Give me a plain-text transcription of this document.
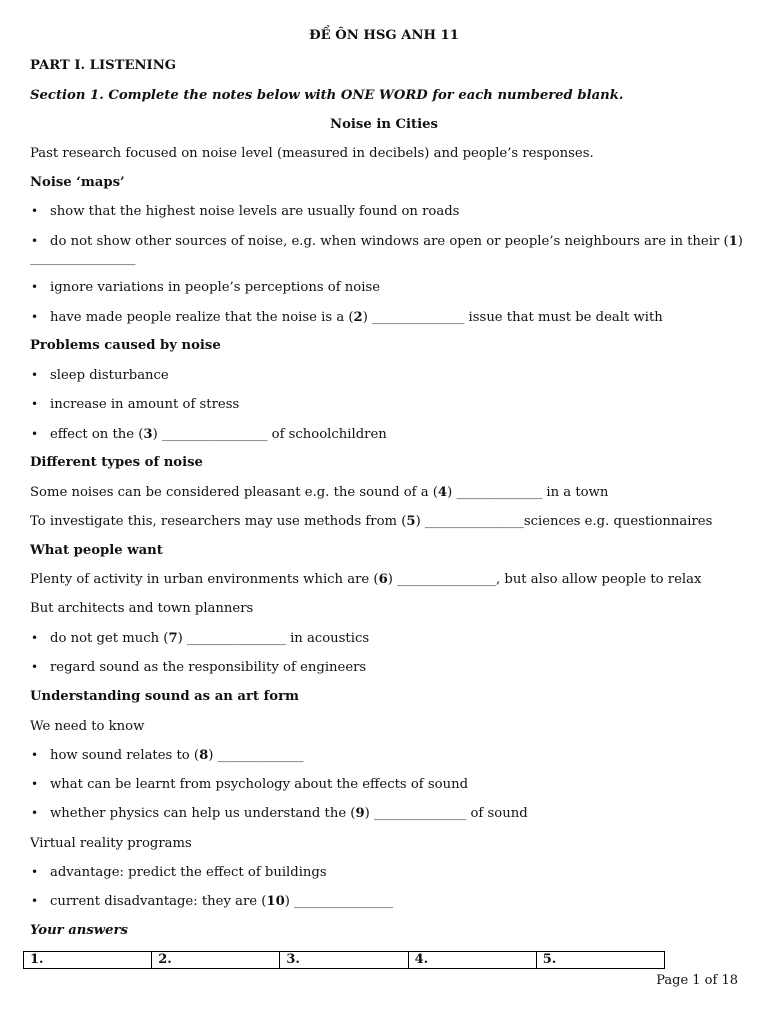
ĐỀ ÔN HSG ANH 11
PART I. LISTENING
Section 1. Complete the notes below with ONE WORD for each numbered blank.
Noise in Cities
Past research focused on noise level (measured in decibels) and people’s responses.
Noise ‘maps’
• show that the highest noise levels are usually found on roads
• do not show other sources of noise, e.g. when windows are open or people’s neighbours are in their (1)
________________
• ignore variations in people’s perceptions of noise
• have made people realize that the noise is a (2) ______________ issue that must be dealt with
Problems caused by noise
• sleep disturbance
• increase in amount of stress
• effect on the (3) ________________ of schoolchildren
Different types of noise
Some noises can be considered pleasant e.g. the sound of a (4) _____________ in a town
To investigate this, researchers may use methods from (5) _______________sciences e.g. questionnaires
What people want
Plenty of activity in urban environments which are (6) _______________, but also allow people to relax
But architects and town planners
• do not get much (7) _______________ in acoustics
• regard sound as the responsibility of engineers
Understanding sound as an art form
We need to know
• how sound relates to (8) _____________
• what can be learnt from psychology about the effects of sound
• whether physics can help us understand the (9) ______________ of sound
Virtual reality programs
• advantage: predict the effect of buildings
• current disadvantage: they are (10) _______________
Your answers
1.	2.	3.	4.	5.
Page 1 of 18
